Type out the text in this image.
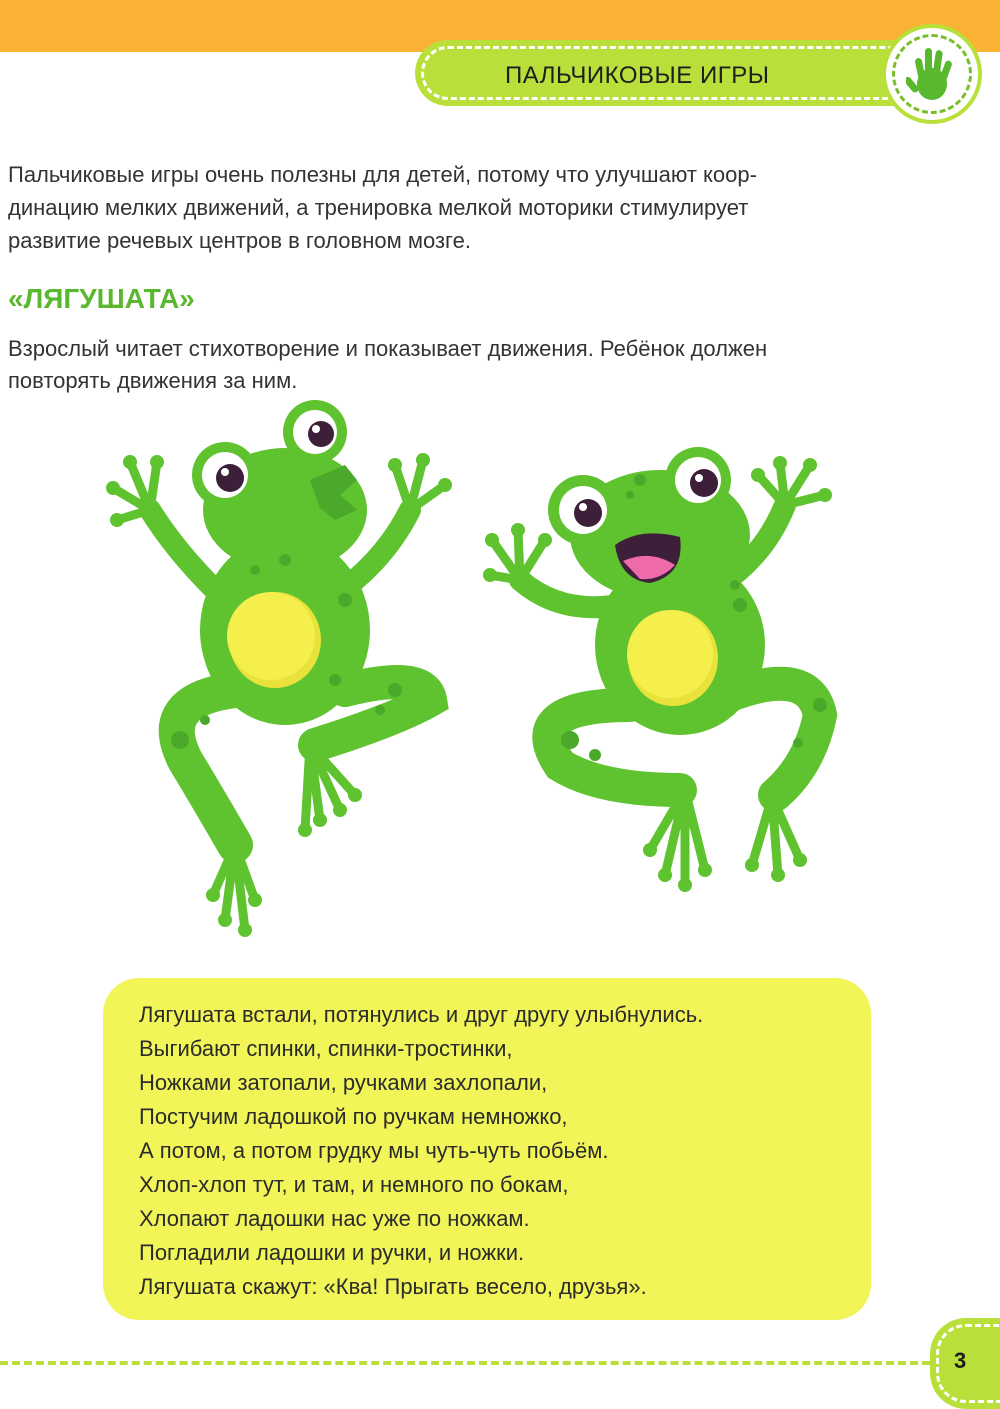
ПАЛЬЧИКОВЫЕ ИГРЫ
Пальчиковые игры очень полезны для детей, потому что улучшают коор-
динацию мелких движений, а тренировка мелкой моторики стимулирует
развитие речевых центров в головном мозге.
«ЛЯГУШАТА»
Взрослый читает стихотворение и показывает движения. Ребёнок должен
повторять движения за ним.
Лягушата встали, потянулись и друг другу улыбнулись.
Выгибают спинки, спинки-тростинки,
Ножками затопали, ручками захлопали,
Постучим ладошкой по ручкам немножко,
А потом, а потом грудку мы чуть-чуть побьём.
Хлоп-хлоп тут, и там, и немного по бокам,
Хлопают ладошки нас уже по ножкам.
Погладили ладошки и ручки, и ножки.
Лягушата скажут: «Ква! Прыгать весело, друзья».
3
